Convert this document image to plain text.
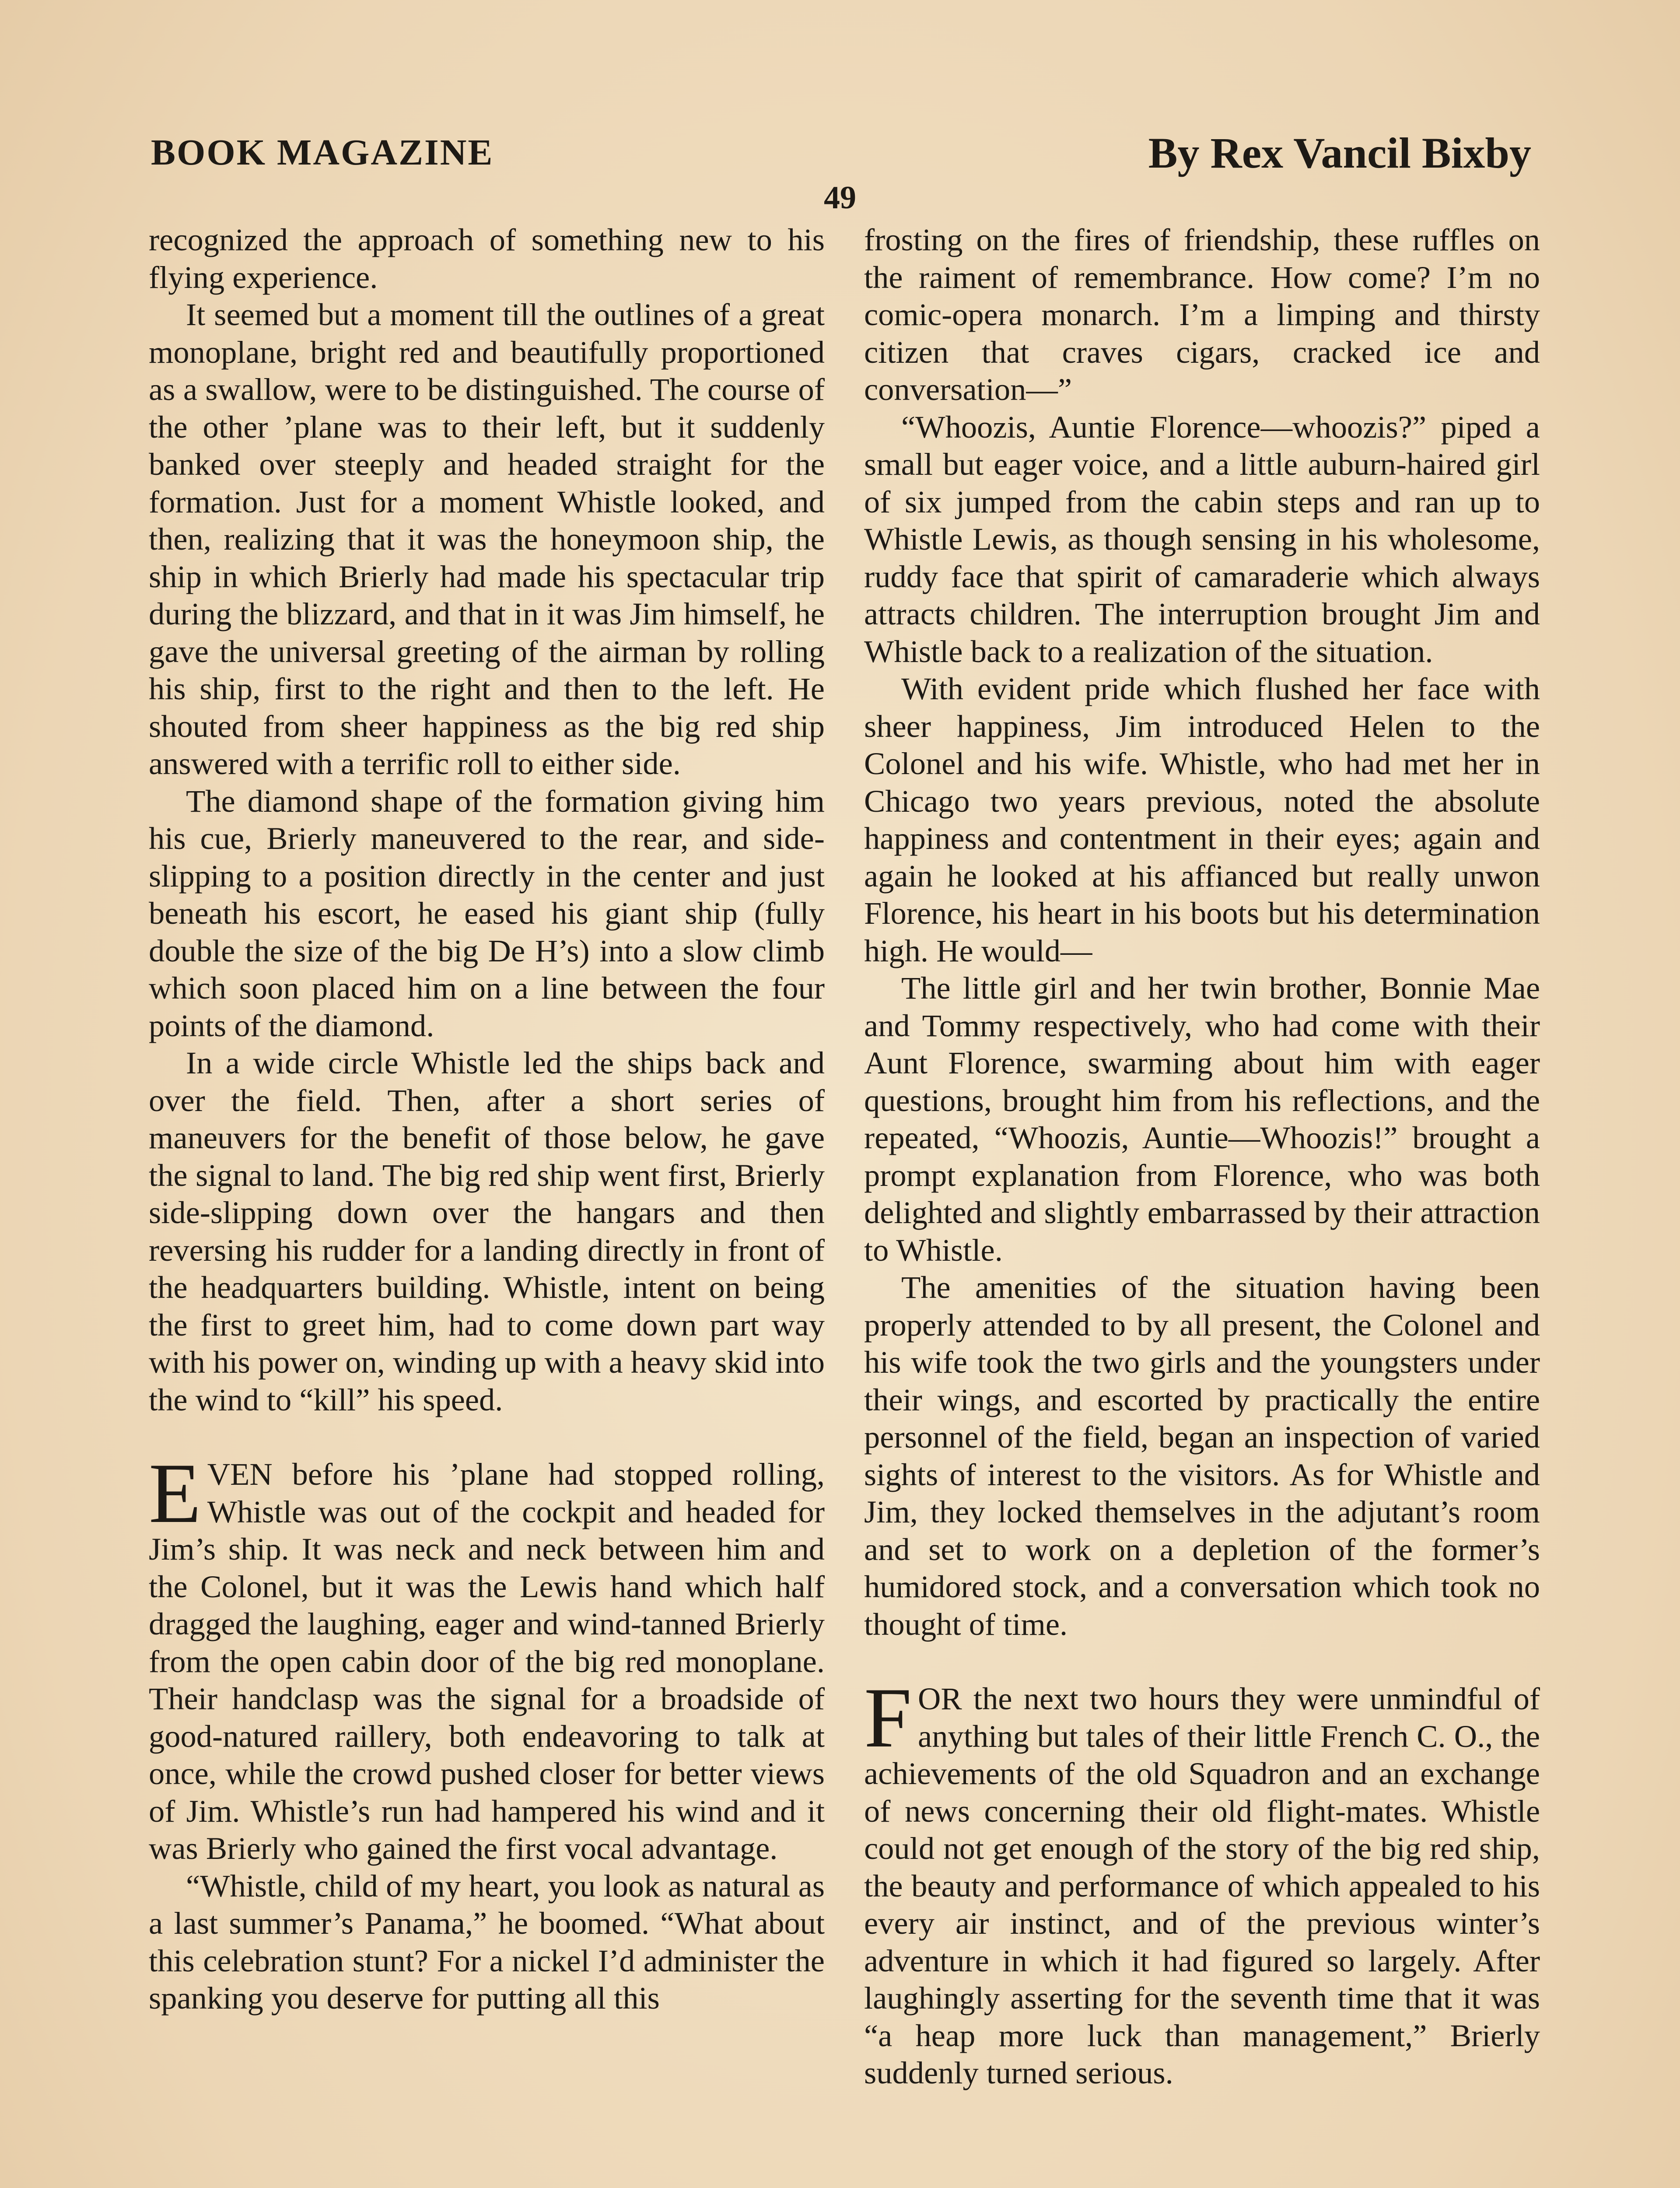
BOOK MAGAZINE	By Rex Vancil Bixby
49

recognized the approach of something new to his flying experience.

It seemed but a moment till the outlines of a great monoplane, bright red and beautifully proportioned as a swallow, were to be distinguished. The course of the other ’plane was to their left, but it suddenly banked over steeply and headed straight for the formation. Just for a moment Whistle looked, and then, realizing that it was the honeymoon ship, the ship in which Brierly had made his spectacular trip during the blizzard, and that in it was Jim himself, he gave the universal greeting of the airman by rolling his ship, first to the right and then to the left. He shouted from sheer happiness as the big red ship answered with a terrific roll to either side.

The diamond shape of the formation giving him his cue, Brierly maneuvered to the rear, and side-slipping to a position directly in the center and just beneath his escort, he eased his giant ship (fully double the size of the big De H’s) into a slow climb which soon placed him on a line between the four points of the diamond.

In a wide circle Whistle led the ships back and over the field. Then, after a short series of maneuvers for the benefit of those below, he gave the signal to land. The big red ship went first, Brierly side-slipping down over the hangars and then reversing his rudder for a landing directly in front of the headquarters building. Whistle, intent on being the first to greet him, had to come down part way with his power on, winding up with a heavy skid into the wind to “kill” his speed.

EVEN before his ’plane had stopped rolling, Whistle was out of the cockpit and headed for Jim’s ship. It was neck and neck between him and the Colonel, but it was the Lewis hand which half dragged the laughing, eager and wind-tanned Brierly from the open cabin door of the big red monoplane. Their handclasp was the signal for a broadside of good-natured raillery, both endeavoring to talk at once, while the crowd pushed closer for better views of Jim. Whistle’s run had hampered his wind and it was Brierly who gained the first vocal advantage.

“Whistle, child of my heart, you look as natural as a last summer’s Panama,” he boomed. “What about this celebration stunt? For a nickel I’d administer the spanking you deserve for putting all this

frosting on the fires of friendship, these ruffles on the raiment of remembrance. How come? I’m no comic-opera monarch. I’m a limping and thirsty citizen that craves cigars, cracked ice and conversation—”

“Whoozis, Auntie Florence—whoozis?” piped a small but eager voice, and a little auburn-haired girl of six jumped from the cabin steps and ran up to Whistle Lewis, as though sensing in his wholesome, ruddy face that spirit of camaraderie which always attracts children. The interruption brought Jim and Whistle back to a realization of the situation.

With evident pride which flushed her face with sheer happiness, Jim introduced Helen to the Colonel and his wife. Whistle, who had met her in Chicago two years previous, noted the absolute happiness and contentment in their eyes; again and again he looked at his affianced but really unwon Florence, his heart in his boots but his determination high. He would—

The little girl and her twin brother, Bonnie Mae and Tommy respectively, who had come with their Aunt Florence, swarming about him with eager questions, brought him from his reflections, and the repeated, “Whoozis, Auntie—Whoozis!” brought a prompt explanation from Florence, who was both delighted and slightly embarrassed by their attraction to Whistle.

The amenities of the situation having been properly attended to by all present, the Colonel and his wife took the two girls and the youngsters under their wings, and escorted by practically the entire personnel of the field, began an inspection of varied sights of interest to the visitors. As for Whistle and Jim, they locked themselves in the adjutant’s room and set to work on a depletion of the former’s humidored stock, and a conversation which took no thought of time.

FOR the next two hours they were unmindful of anything but tales of their little French C. O., the achievements of the old Squadron and an exchange of news concerning their old flight-mates. Whistle could not get enough of the story of the big red ship, the beauty and performance of which appealed to his every air instinct, and of the previous winter’s adventure in which it had figured so largely. After laughingly asserting for the seventh time that it was “a heap more luck than management,” Brierly suddenly turned serious.
